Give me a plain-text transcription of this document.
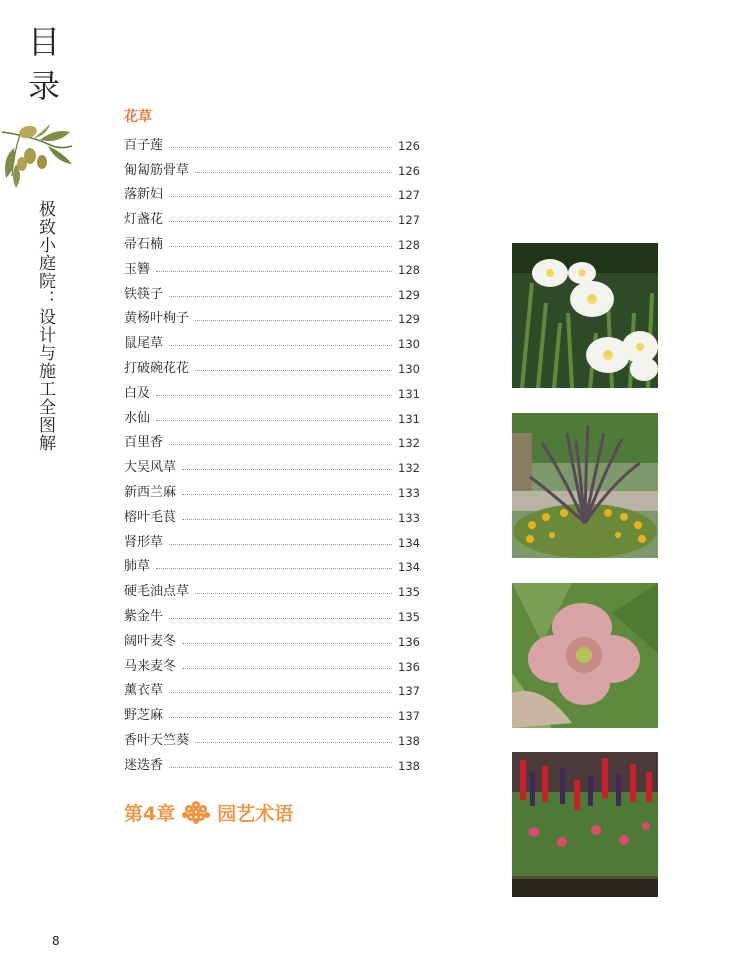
目
录
极致小庭院：设计与施工全图解
花草
百子莲	126
匍匐筋骨草	126
落新妇	127
灯盏花	127
帚石楠	128
玉簪	128
铁筷子	129
黄杨叶栒子	129
鼠尾草	130
打破碗花花	130
白及	131
水仙	131
百里香	132
大吴风草	132
新西兰麻	133
榕叶毛茛	133
肾形草	134
肺草	134
硬毛油点草	135
紫金牛	135
阔叶麦冬	136
马来麦冬	136
薰衣草	137
野芝麻	137
香叶天竺葵	138
迷迭香	138
第4章 园艺术语
8
